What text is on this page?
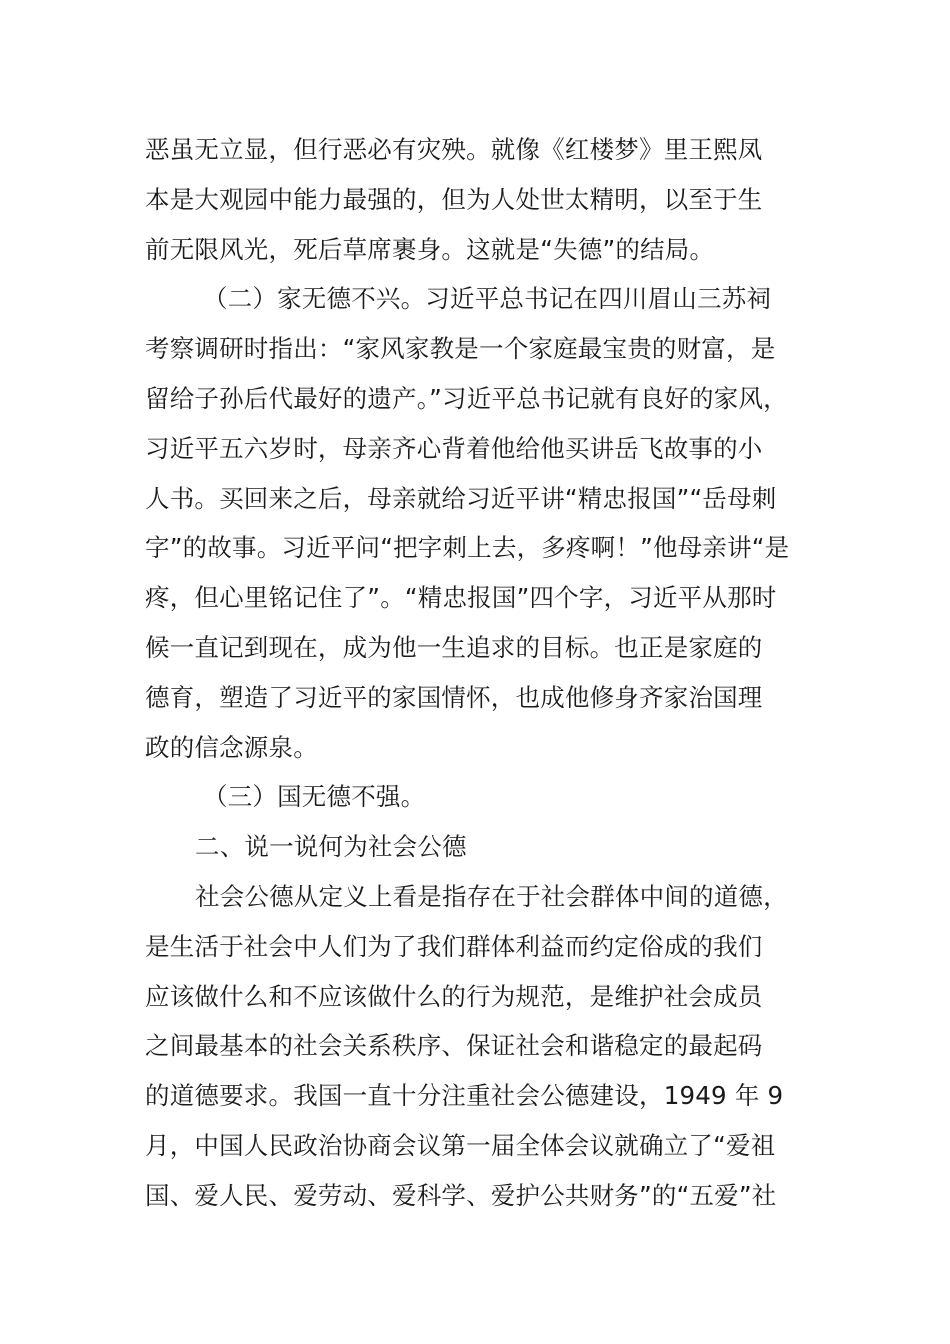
恶虽无立显，但行恶必有灾殃。就像《红楼梦》里王熙凤
本是大观园中能力最强的，但为人处世太精明，以至于生
前无限风光，死后草席裹身。这就是“失德”的结局。
（二）家无德不兴。习近平总书记在四川眉山三苏祠
考察调研时指出：“家风家教是一个家庭最宝贵的财富，是
留给子孙后代最好的遗产。”习近平总书记就有良好的家风，
习近平五六岁时，母亲齐心背着他给他买讲岳飞故事的小
人书。买回来之后，母亲就给习近平讲“精忠报国”“岳母刺
字”的故事。习近平问“把字刺上去，多疼啊！”他母亲讲“是
疼，但心里铭记住了”。“精忠报国”四个字，习近平从那时
候一直记到现在，成为他一生追求的目标。也正是家庭的
德育，塑造了习近平的家国情怀，也成他修身齐家治国理
政的信念源泉。
（三）国无德不强。
二、说一说何为社会公德
社会公德从定义上看是指存在于社会群体中间的道德，
是生活于社会中人们为了我们群体利益而约定俗成的我们
应该做什么和不应该做什么的行为规范，是维护社会成员
之间最基本的社会关系秩序、保证社会和谐稳定的最起码
的道德要求。我国一直十分注重社会公德建设，1949 年 9
月，中国人民政治协商会议第一届全体会议就确立了“爱祖
国、爱人民、爱劳动、爱科学、爱护公共财务”的“五爱”社
